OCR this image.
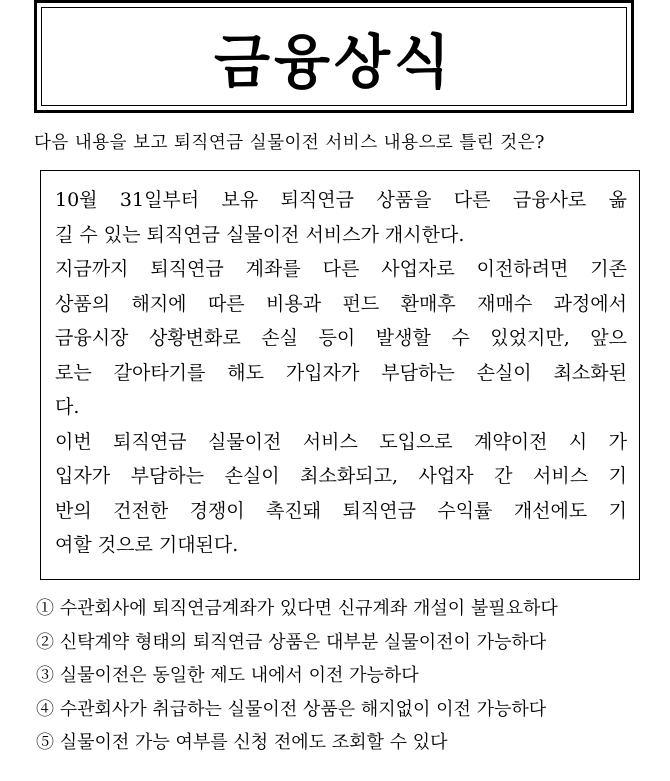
금융상식
다음 내용을 보고 퇴직연금 실물이전 서비스 내용으로 틀린 것은?
10월 31일부터 보유 퇴직연금 상품을 다른 금융사로 옮
길 수 있는 퇴직연금 실물이전 서비스가 개시한다.
지금까지 퇴직연금 계좌를 다른 사업자로 이전하려면 기존
상품의 해지에 따른 비용과 펀드 환매후 재매수 과정에서
금융시장 상황변화로 손실 등이 발생할 수 있었지만, 앞으
로는 갈아타기를 해도 가입자가 부담하는 손실이 최소화된
다.
이번 퇴직연금 실물이전 서비스 도입으로 계약이전 시 가
입자가 부담하는 손실이 최소화되고, 사업자 간 서비스 기
반의 건전한 경쟁이 촉진돼 퇴직연금 수익률 개선에도 기
여할 것으로 기대된다.
① 수관회사에 퇴직연금계좌가 있다면 신규계좌 개설이 불필요하다
② 신탁계약 형태의 퇴직연금 상품은 대부분 실물이전이 가능하다
③ 실물이전은 동일한 제도 내에서 이전 가능하다
④ 수관회사가 취급하는 실물이전 상품은 해지없이 이전 가능하다
⑤ 실물이전 가능 여부를 신청 전에도 조회할 수 있다
